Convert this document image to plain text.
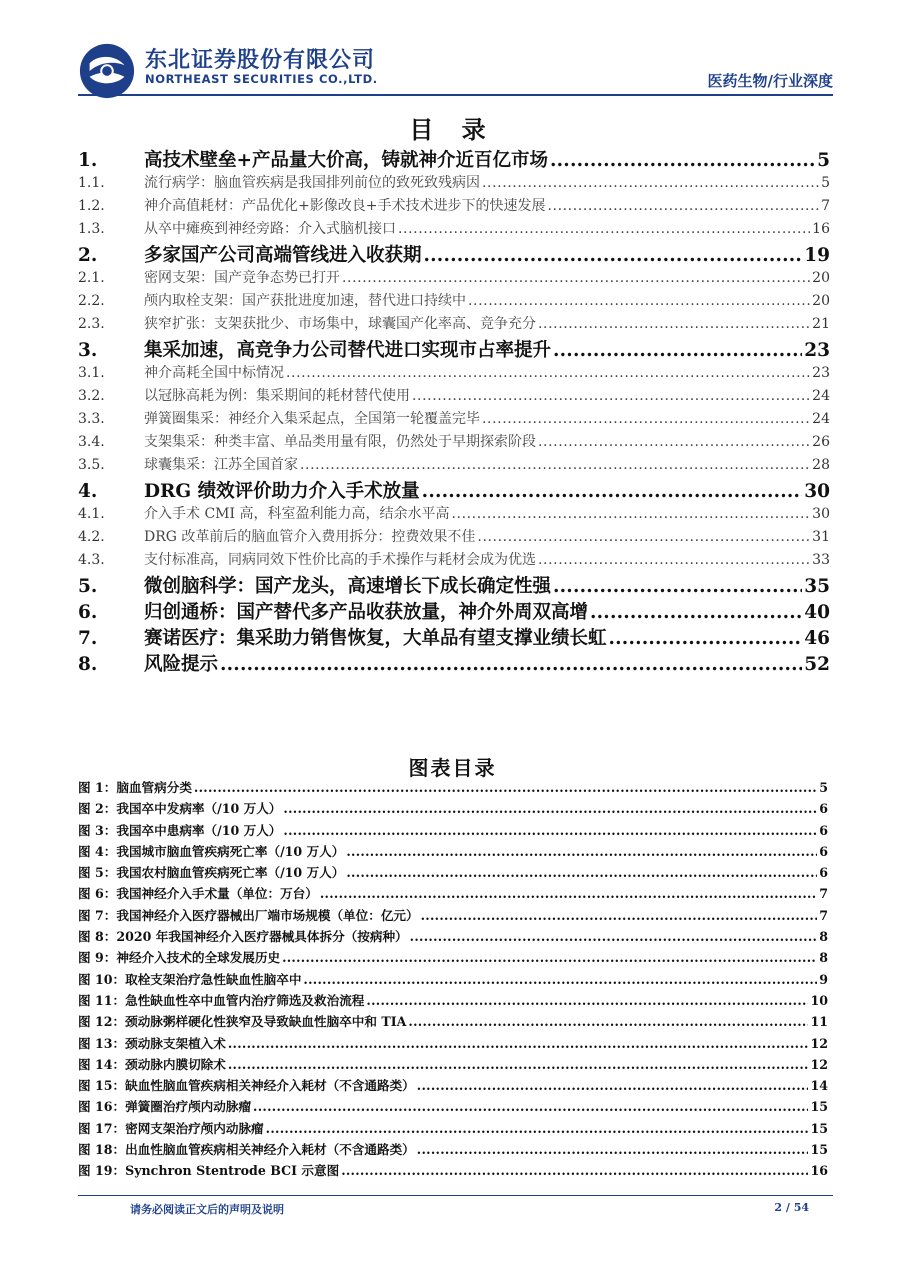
东北证券股份有限公司
NORTHEAST SECURITIES CO.,LTD.	医药生物/行业深度
目 录
1.	高技术壁垒+产品量大价高，铸就神介近百亿市场 .....	5
1.1.	流行病学：脑血管疾病是我国排列前位的致死致残病因 .....	5
1.2.	神介高值耗材：产品优化+影像改良+手术技术进步下的快速发展 .....	7
1.3.	从卒中瘫痪到神经旁路：介入式脑机接口 .....	16
2.	多家国产公司高端管线进入收获期 .....	19
2.1.	密网支架：国产竞争态势已打开 .....	20
2.2.	颅内取栓支架：国产获批进度加速，替代进口持续中 .....	20
2.3.	狭窄扩张：支架获批少、市场集中，球囊国产化率高、竞争充分 .....	21
3.	集采加速，高竞争力公司替代进口实现市占率提升 .....	23
3.1.	神介高耗全国中标情况 .....	23
3.2.	以冠脉高耗为例：集采期间的耗材替代使用 .....	24
3.3.	弹簧圈集采：神经介入集采起点，全国第一轮覆盖完毕 .....	24
3.4.	支架集采：种类丰富、单品类用量有限，仍然处于早期探索阶段 .....	26
3.5.	球囊集采：江苏全国首家 .....	28
4.	DRG 绩效评价助力介入手术放量 .....	30
4.1.	介入手术 CMI 高，科室盈利能力高，结余水平高 .....	30
4.2.	DRG 改革前后的脑血管介入费用拆分：控费效果不佳 .....	31
4.3.	支付标准高，同病同效下性价比高的手术操作与耗材会成为优选 .....	33
5.	微创脑科学：国产龙头，高速增长下成长确定性强 .....	35
6.	归创通桥：国产替代多产品收获放量，神介外周双高增 .....	40
7.	赛诺医疗：集采助力销售恢复，大单品有望支撑业绩长虹 .....	46
8.	风险提示 .....	52
图表目录
图 1： 脑血管病分类 .....	5
图 2： 我国卒中发病率（/10 万人） .....	6
图 3： 我国卒中患病率（/10 万人） .....	6
图 4： 我国城市脑血管疾病死亡率（/10 万人） .....	6
图 5： 我国农村脑血管疾病死亡率（/10 万人） .....	6
图 6： 我国神经介入手术量（单位：万台） .....	7
图 7： 我国神经介入医疗器械出厂端市场规模（单位：亿元） .....	7
图 8： 2020 年我国神经介入医疗器械具体拆分（按病种） .....	8
图 9： 神经介入技术的全球发展历史 .....	8
图 10： 取栓支架治疗急性缺血性脑卒中 .....	9
图 11： 急性缺血性卒中血管内治疗筛选及救治流程 .....	10
图 12： 颈动脉粥样硬化性狭窄及导致缺血性脑卒中和 TIA .....	11
图 13： 颈动脉支架植入术 .....	12
图 14： 颈动脉内膜切除术 .....	12
图 15： 缺血性脑血管疾病相关神经介入耗材（不含通路类） .....	14
图 16： 弹簧圈治疗颅内动脉瘤 .....	15
图 17： 密网支架治疗颅内动脉瘤 .....	15
图 18： 出血性脑血管疾病相关神经介入耗材（不含通路类） .....	15
图 19： Synchron Stentrode BCI 示意图 .....	16
请务必阅读正文后的声明及说明	2 / 54
